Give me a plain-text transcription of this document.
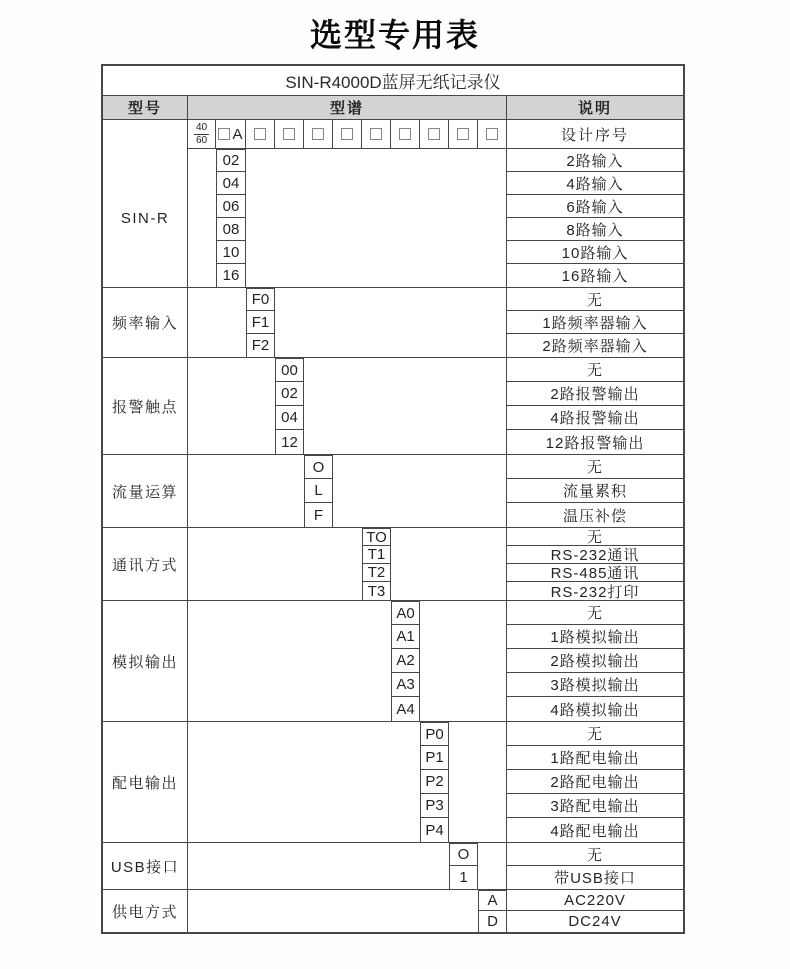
选型专用表
SIN-R4000D蓝屏无纸记录仪
型号	型谱	说明
$\frac{40}{60}$ A	设计序号
SIN-R
02	2路输入
04	4路输入
06	6路输入
08	8路输入
10	10路输入
16	16路输入
频率输入
F0	无
F1	1路频率器输入
F2	2路频率器输入
报警触点
00	无
02	2路报警输出
04	4路报警输出
12	12路报警输出
流量运算
O	无
L	流量累积
F	温压补偿
通讯方式
TO	无
T1	RS-232通讯
T2	RS-485通讯
T3	RS-232打印
模拟输出
A0	无
A1	1路模拟输出
A2	2路模拟输出
A3	3路模拟输出
A4	4路模拟输出
配电输出
P0	无
P1	1路配电输出
P2	2路配电输出
P3	3路配电输出
P4	4路配电输出
USB接口
O	无
1	带USB接口
供电方式
A	AC220V
D	DC24V
